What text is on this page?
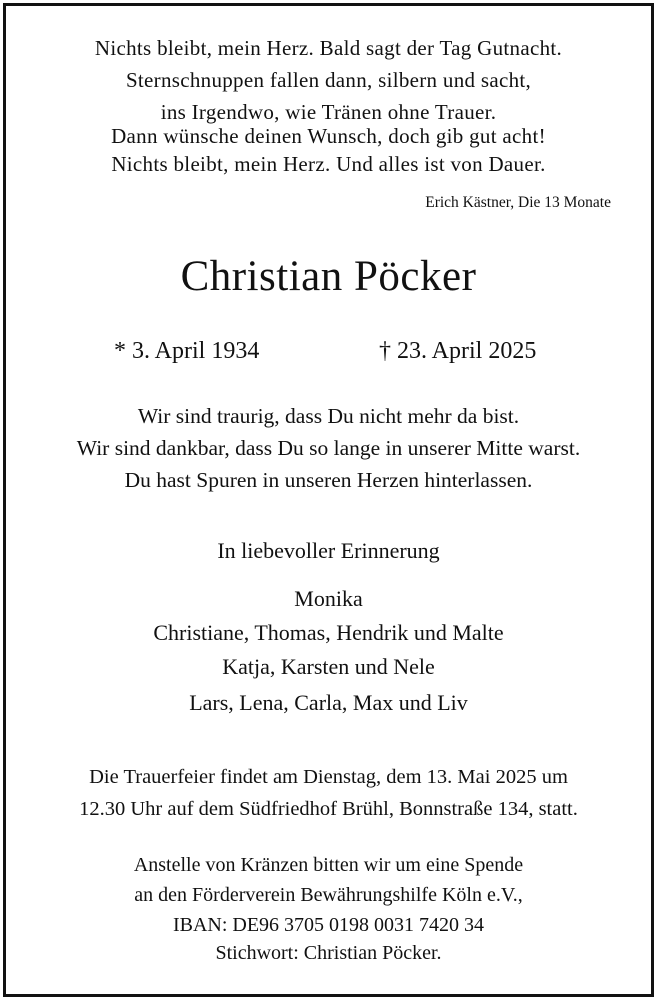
Nichts bleibt, mein Herz. Bald sagt der Tag Gutnacht.
Sternschnuppen fallen dann, silbern und sacht,
ins Irgendwo, wie Tränen ohne Trauer.
Dann wünsche deinen Wunsch, doch gib gut acht!
Nichts bleibt, mein Herz. Und alles ist von Dauer.
Erich Kästner, Die 13 Monate
Christian Pöcker
* 3. April 1934	† 23. April 2025
Wir sind traurig, dass Du nicht mehr da bist.
Wir sind dankbar, dass Du so lange in unserer Mitte warst.
Du hast Spuren in unseren Herzen hinterlassen.
In liebevoller Erinnerung
Monika
Christiane, Thomas, Hendrik und Malte
Katja, Karsten und Nele
Lars, Lena, Carla, Max und Liv
Die Trauerfeier findet am Dienstag, dem 13. Mai 2025 um
12.30 Uhr auf dem Südfriedhof Brühl, Bonnstraße 134, statt.
Anstelle von Kränzen bitten wir um eine Spende
an den Förderverein Bewährungshilfe Köln e.V.,
IBAN: DE96 3705 0198 0031 7420 34
Stichwort: Christian Pöcker.
